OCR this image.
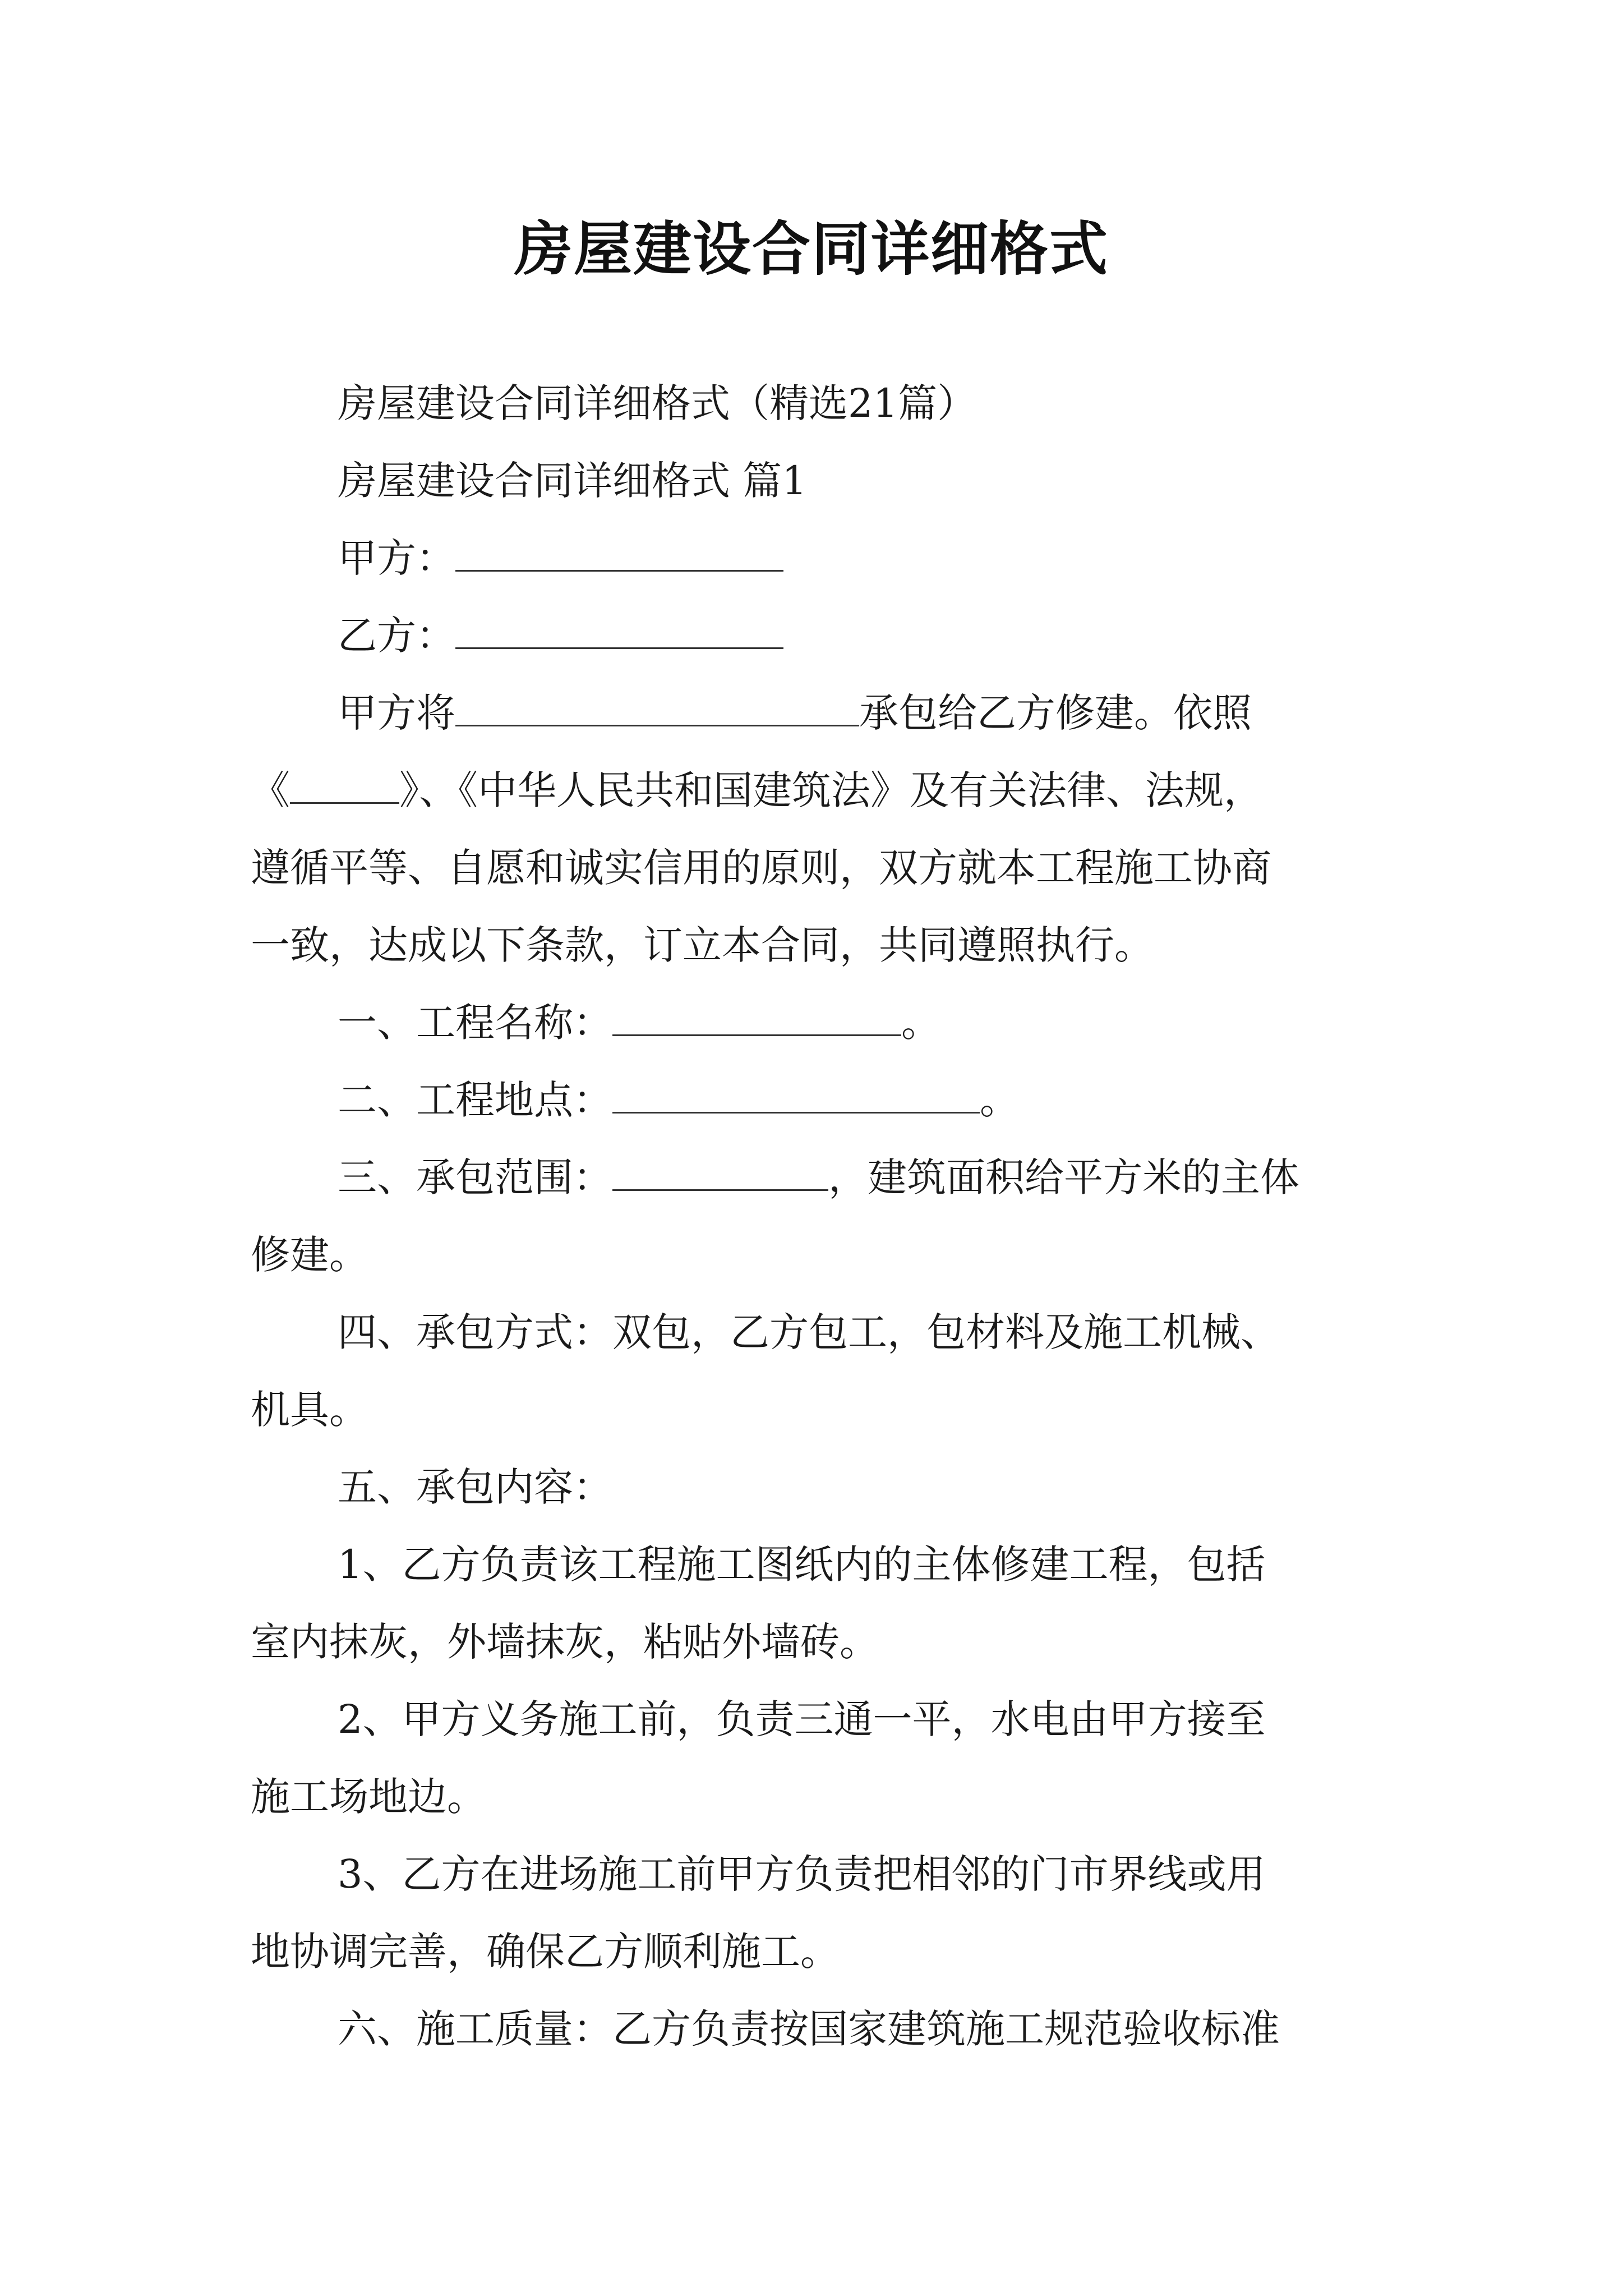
房屋建设合同详细格式
房屋建设合同详细格式（精选21篇）
房屋建设合同详细格式 篇1
甲方：
乙方：
甲方将	承包给乙方修建。依照
《	》、《中华人民共和国建筑法》及有关法律、法规，
遵循平等、自愿和诚实信用的原则，双方就本工程施工协商
一致，达成以下条款，订立本合同，共同遵照执行。
一、工程名称：	。
二、工程地点：	。
三、承包范围：	，建筑面积给平方米的主体
修建。
四、承包方式：双包，乙方包工，包材料及施工机械、
机具。
五、承包内容：
1、乙方负责该工程施工图纸内的主体修建工程，包括
室内抹灰，外墙抹灰，粘贴外墙砖。
2、甲方义务施工前，负责三通一平，水电由甲方接至
施工场地边。
3、乙方在进场施工前甲方负责把相邻的门市界线或用
地协调完善，确保乙方顺利施工。
六、施工质量：乙方负责按国家建筑施工规范验收标准
